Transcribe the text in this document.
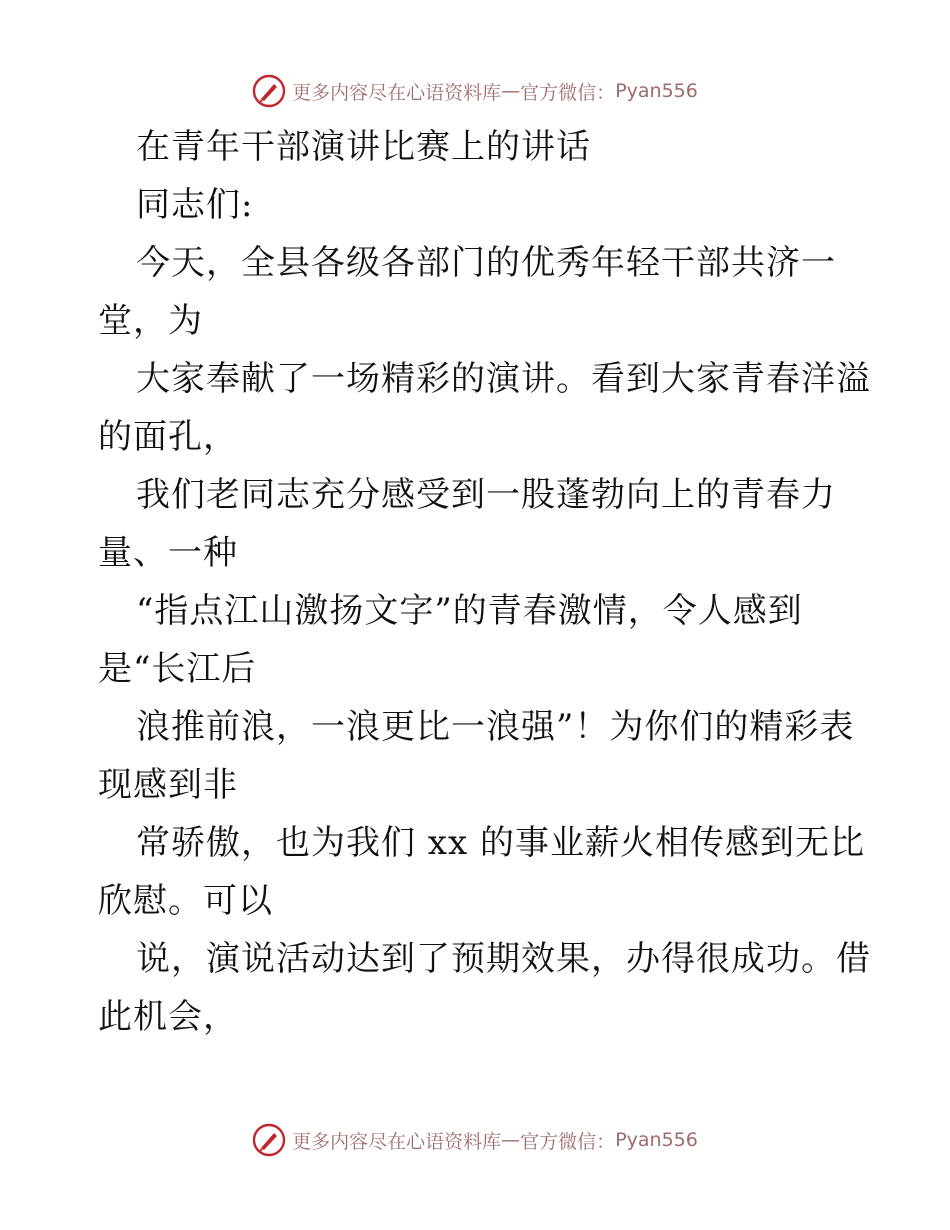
更多内容尽在心语资料库 — 官方微信： Pyan556
在青年干部演讲比赛上的讲话
同志们:
今天，全县各级各部门的优秀年轻干部共济一
堂，为
大家奉献了一场精彩的演讲。看到大家青春洋溢
的面孔，
我们老同志充分感受到一股蓬勃向上的青春力
量、一种
“指点江山激扬文字”的青春激情，令人感到
是“长江后
浪推前浪，一浪更比一浪强”！为你们的精彩表
现感到非
常骄傲，也为我们 xx 的事业薪火相传感到无比
欣慰。可以
说，演说活动达到了预期效果，办得很成功。借
此机会，
更多内容尽在心语资料库 — 官方微信： Pyan556
